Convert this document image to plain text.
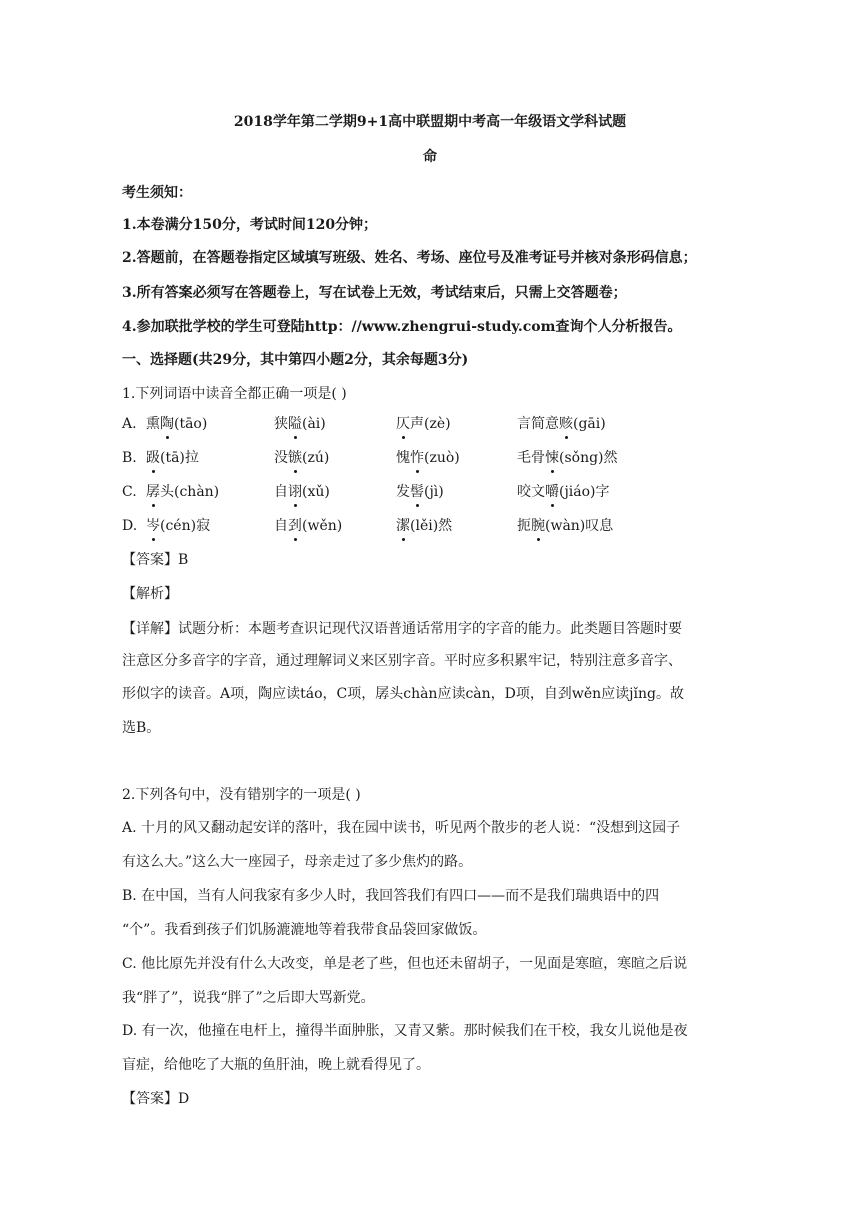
2018学年第二学期9+1高中联盟期中考高一年级语文学科试题
命
考生须知：
1.本卷满分150分，考试时间120分钟；
2.答题前，在答题卷指定区域填写班级、姓名、考场、座位号及准考证号并核对条形码信息；
3.所有答案必须写在答题卷上，写在试卷上无效，考试结束后，只需上交答题卷；
4.参加联批学校的学生可登陆http：//www.zhengrui-study.com查询个人分析报告。
一、选择题(共29分，其中第四小题2分，其余每题3分)
1.下列词语中读音全都正确一项是( )
A. 熏陶(tāo)	狭隘(ài)	仄声(zè)	言简意赅(gāi)
B. 趿(tā)拉	没镞(zú)	愧怍(zuò)	毛骨悚(sǒng)然
C. 孱头(chàn)	自诩(xǔ)	发髻(jì)	咬文嚼(jiáo)字
D. 岑(cén)寂	自刭(wěn)	潔(lěi)然	扼腕(wàn)叹息
【答案】B
【解析】
【详解】试题分析：本题考查识记现代汉语普通话常用字的字音的能力。此类题目答题时要
注意区分多音字的字音，通过理解词义来区别字音。平时应多积累牢记，特别注意多音字、
形似字的读音。A项，陶应读táo，C项，孱头chàn应读càn，D项，自刭wěn应读jǐng。故
选B。
2.下列各句中，没有错别字的一项是( )
A. 十月的风又翻动起安详的落叶，我在园中读书，听见两个散步的老人说：“没想到这园子
有这么大。”这么大一座园子，母亲走过了多少焦灼的路。
B. 在中国，当有人问我家有多少人时，我回答我们有四口——而不是我们瑞典语中的四
“个”。我看到孩子们饥肠漉漉地等着我带食品袋回家做饭。
C. 他比原先并没有什么大改变，单是老了些，但也还未留胡子，一见面是寒暄，寒暄之后说
我“胖了”，说我“胖了”之后即大骂新党。
D. 有一次，他撞在电杆上，撞得半面肿胀，又青又紫。那时候我们在干校，我女儿说他是夜
盲症，给他吃了大瓶的鱼肝油，晚上就看得见了。
【答案】D
